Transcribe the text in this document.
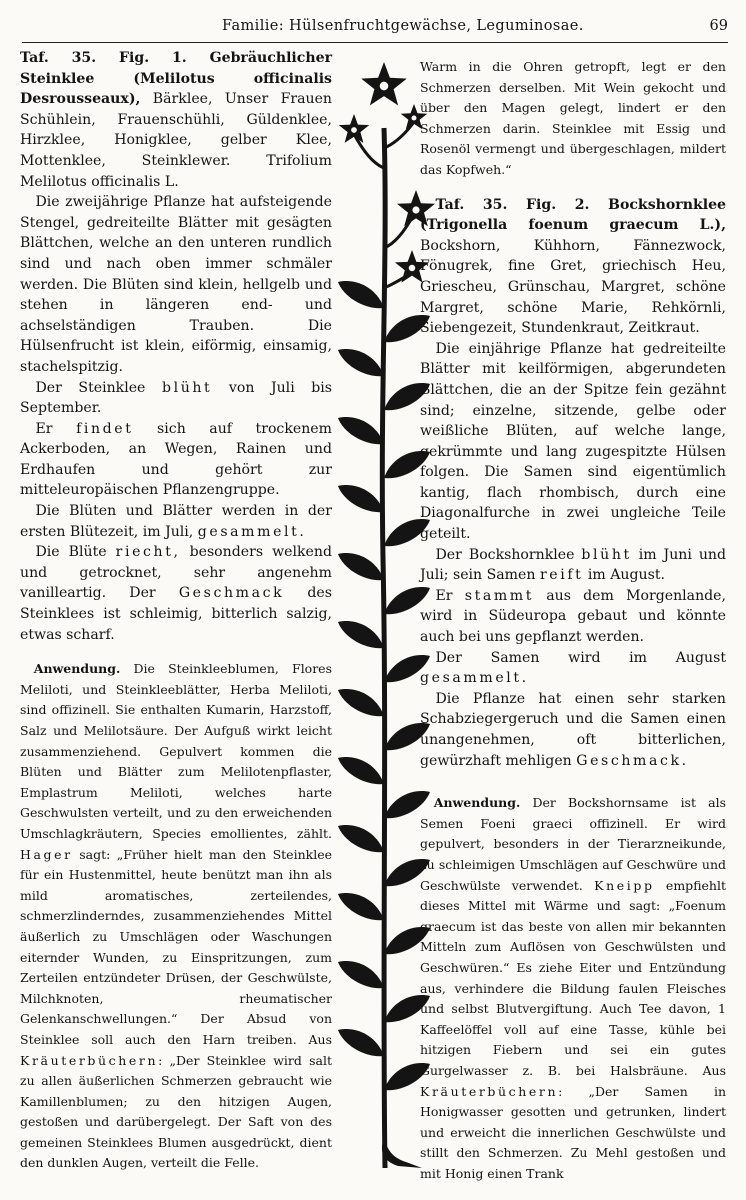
Familie: Hülsenfruchtgewächse, Leguminosae.	69

Taf. 35. Fig. 1. Gebräuchlicher Steinklee (Melilotus officinalis Desrousseaux), Bärklee, Unser Frauen Schühlein, Frauenschühli, Güldenklee, Hirzklee, Honigklee, gelber Klee, Mottenklee, Steinklewer. Trifolium Melilotus officinalis L.

Die zweijährige Pflanze hat aufsteigende Stengel, gedreiteilte Blätter mit gesägten Blättchen, welche an den unteren rundlich sind und nach oben immer schmäler werden. Die Blüten sind klein, hellgelb und stehen in längeren end- und achselständigen Trauben. Die Hülsenfrucht ist klein, eiförmig, einsamig, stachelspitzig.

Der Steinklee blüht von Juli bis September.

Er findet sich auf trockenem Ackerboden, an Wegen, Rainen und Erdhaufen und gehört zur mitteleuropäischen Pflanzengruppe.

Die Blüten und Blätter werden in der ersten Blütezeit, im Juli, gesammelt.

Die Blüte riecht, besonders welkend und getrocknet, sehr angenehm vanilleartig. Der Geschmack des Steinklees ist schleimig, bitterlich salzig, etwas scharf.

Anwendung. Die Steinkleeblumen, Flores Meliloti, und Steinkleeblätter, Herba Meliloti, sind offizinell. Sie enthalten Kumarin, Harzstoff, Salz und Melilotsäure. Der Aufguß wirkt leicht zusammenziehend. Gepulvert kommen die Blüten und Blätter zum Melilotenpflaster, Emplastrum Meliloti, welches harte Geschwulsten verteilt, und zu den erweichenden Umschlagkräutern, Species emollientes, zählt. Hager sagt: „Früher hielt man den Steinklee für ein Hustenmittel, heute benützt man ihn als mild aromatisches, zerteilendes, schmerzlinderndes, zusammenziehendes Mittel äußerlich zu Umschlägen oder Waschungen eiternder Wunden, zu Einspritzungen, zum Zerteilen entzündeter Drüsen, der Geschwülste, Milchknoten, rheumatischer Gelenkanschwellungen.“ Der Absud von Steinklee soll auch den Harn treiben. Aus Kräuterbüchern: „Der Steinklee wird salt zu allen äußerlichen Schmerzen gebraucht wie Kamillenblumen; zu den hitzigen Augen, gestoßen und darübergelegt. Der Saft von des gemeinen Steinklees Blumen ausgedrückt, dient den dunklen Augen, verteilt die Felle.

Warm in die Ohren getropft, legt er den Schmerzen derselben. Mit Wein gekocht und über den Magen gelegt, lindert er den Schmerzen darin. Steinklee mit Essig und Rosenöl vermengt und übergeschlagen, mildert das Kopfweh.“

Taf. 35. Fig. 2. Bockshornklee (Trigonella foenum graecum L.), Bockshorn, Kühhorn, Fännezwock, Fönugrek, fine Gret, griechisch Heu, Griescheu, Grünschau, Margret, schöne Margret, schöne Marie, Rehkörnli, Siebengezeit, Stundenkraut, Zeitkraut.

Die einjährige Pflanze hat gedreiteilte Blätter mit keilförmigen, abgerundeten Blättchen, die an der Spitze fein gezähnt sind; einzelne, sitzende, gelbe oder weißliche Blüten, auf welche lange, gekrümmte und lang zugespitzte Hülsen folgen. Die Samen sind eigentümlich kantig, flach rhombisch, durch eine Diagonalfurche in zwei ungleiche Teile geteilt.

Der Bockshornklee blüht im Juni und Juli; sein Samen reift im August.

Er stammt aus dem Morgenlande, wird in Südeuropa gebaut und könnte auch bei uns gepflanzt werden.

Der Samen wird im August gesammelt.

Die Pflanze hat einen sehr starken Schabziegergeruch und die Samen einen unangenehmen, oft bitterlichen, gewürzhaft mehligen Geschmack.

Anwendung. Der Bockshornsame ist als Semen Foeni graeci offizinell. Er wird gepulvert, besonders in der Tierarzneikunde, zu schleimigen Umschlägen auf Geschwüre und Geschwülste verwendet. Kneipp empfiehlt dieses Mittel mit Wärme und sagt: „Foenum graecum ist das beste von allen mir bekannten Mitteln zum Auflösen von Geschwülsten und Geschwüren.“ Es ziehe Eiter und Entzündung aus, verhindere die Bildung faulen Fleisches und selbst Blutvergiftung. Auch Tee davon, 1 Kaffeelöffel voll auf eine Tasse, kühle bei hitzigen Fiebern und sei ein gutes Gurgelwasser z. B. bei Halsbräune. Aus Kräuterbüchern: „Der Samen in Honigwasser gesotten und getrunken, lindert und erweicht die innerlichen Geschwülste und stillt den Schmerzen. Zu Mehl gestoßen und mit Honig einen Trank
